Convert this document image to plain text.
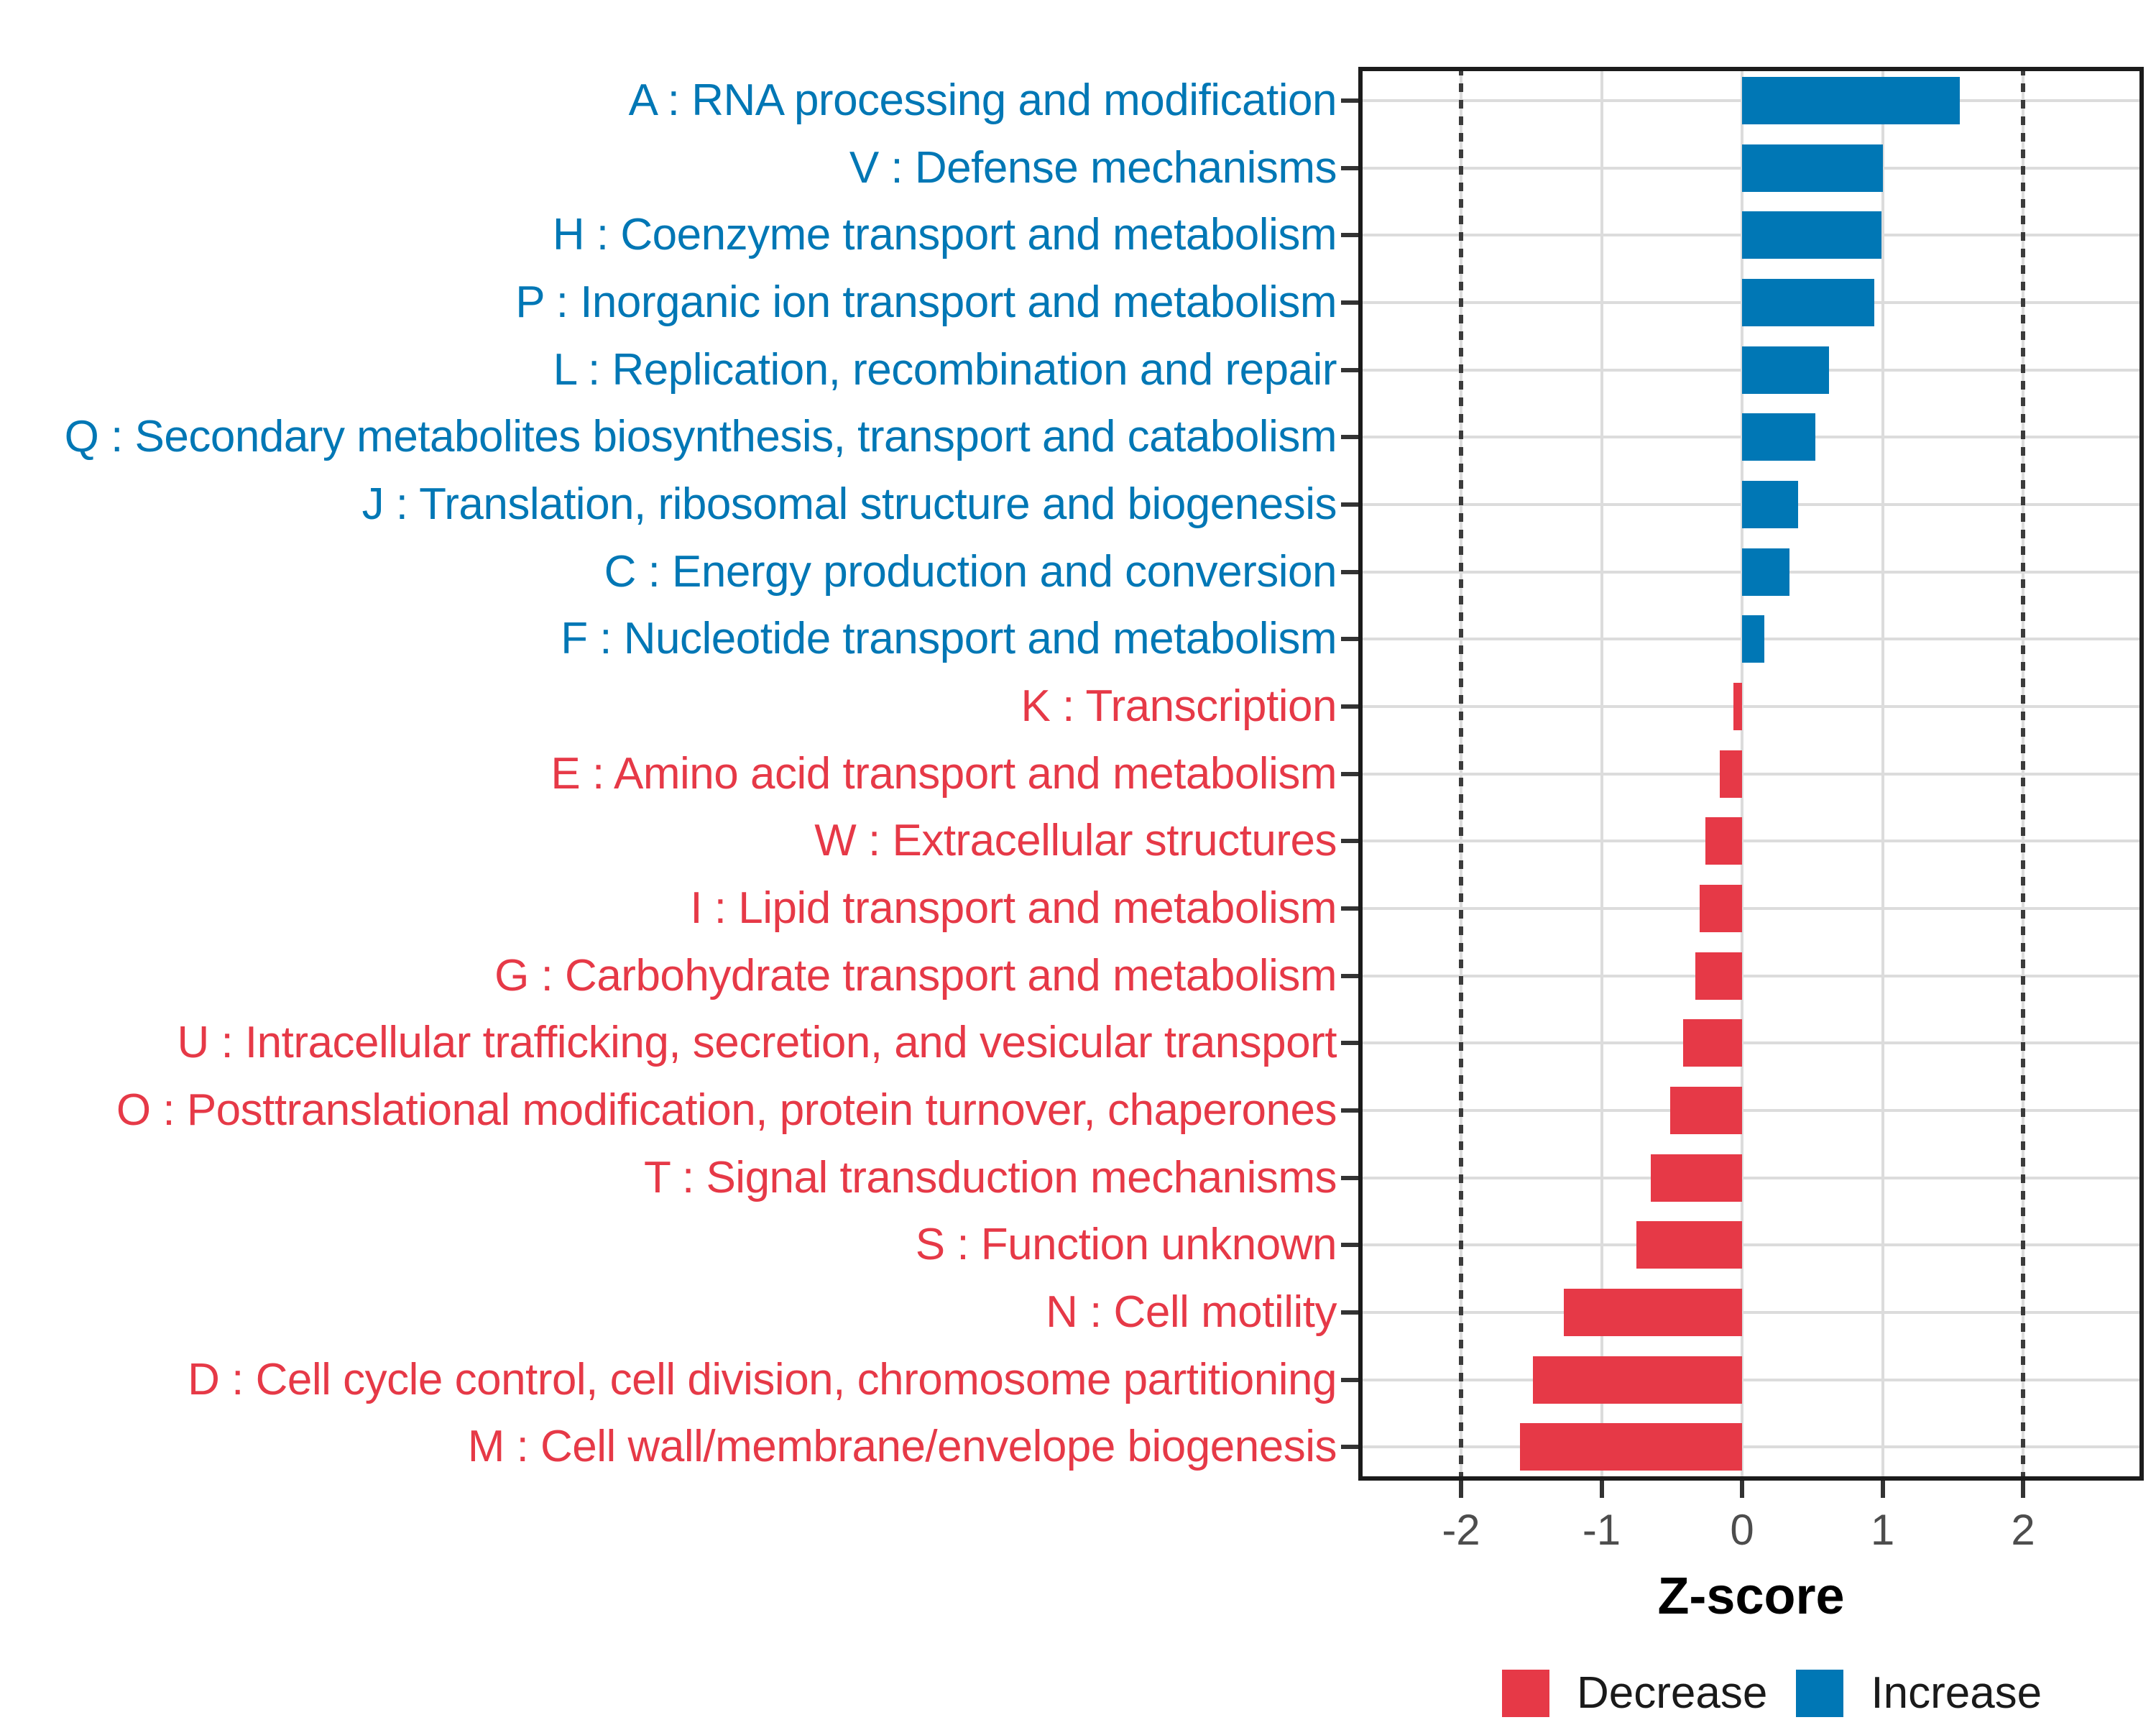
A : RNA processing and modification
V : Defense mechanisms
H : Coenzyme transport and metabolism
P : Inorganic ion transport and metabolism
L : Replication, recombination and repair
Q : Secondary metabolites biosynthesis, transport and catabolism
J : Translation, ribosomal structure and biogenesis
C : Energy production and conversion
F : Nucleotide transport and metabolism
K : Transcription
E : Amino acid transport and metabolism
W : Extracellular structures
I : Lipid transport and metabolism
G : Carbohydrate transport and metabolism
U : Intracellular trafficking, secretion, and vesicular transport
O : Posttranslational modification, protein turnover, chaperones
T : Signal transduction mechanisms
S : Function unknown
N : Cell motility
D : Cell cycle control, cell division, chromosome partitioning
M : Cell wall/membrane/envelope biogenesis
-2	-1	0	1	2
Z-score
Decrease Increase
